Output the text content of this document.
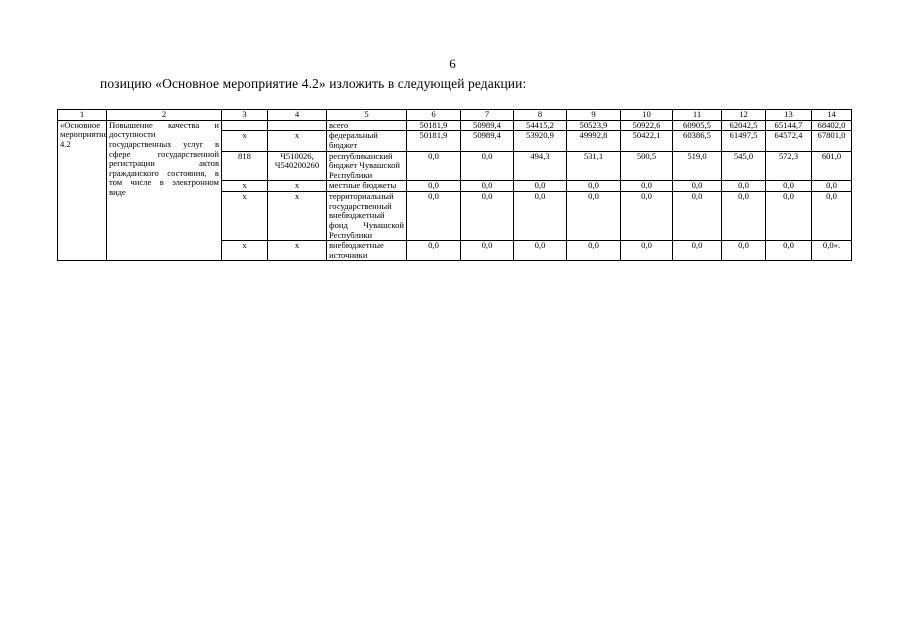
6
позицию «Основное мероприятие 4.2» изложить в следующей редакции:
1	2	3	4	5	6	7	8	9	10	11	12	13	14
«Основное мероприятие 4.2	Повышение качества и доступности государственных услуг в сфере государственной регистрации актов гражданского состояния, в том числе в электронном виде			всего	50181,9	50989,4	54415,2	50523,9	50922,6	60905,5	62042,5	65144,7	68402,0
		x	x	федеральный бюджет	50181,9	50989,4	53920,9	49992,8	50422,1	60386,5	61497,5	64572,4	67801,0
		818	Ч510026, Ч540200260	республиканский бюджет Чувашской Республики	0,0	0,0	494,3	531,1	500,5	519,0	545,0	572,3	601,0
		x	x	местные бюджеты	0,0	0,0	0,0	0,0	0,0	0,0	0,0	0,0	0,0
		x	x	территориальный государственный внебюджетный фонд Чувашской Республики	0,0	0,0	0,0	0,0	0,0	0,0	0,0	0,0	0,0
		x	x	внебюджетные источники	0,0	0,0	0,0	0,0	0,0	0,0	0,0	0,0	0,0».
